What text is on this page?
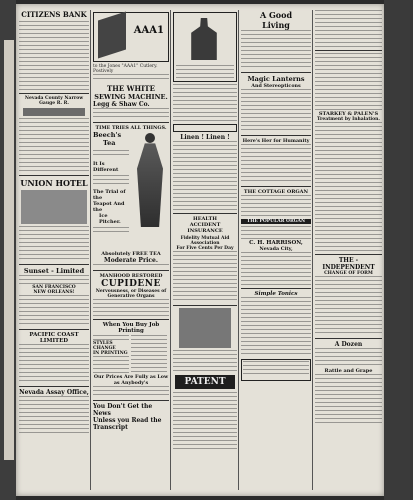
CITIZENS BANK
Nevada County Narrow Gauge R. R.
UNION HOTEL
Sunset - Limited
SAN FRANCISCO
NEW ORLEANS!
PACIFIC COAST LIMITED
Nevada Assay Office,
AAA1
to the Jones "AAA1" Cutlery. Postively
THE WHITE
SEWING MACHINE.
Legg & Shaw Co.
TIME TRIES ALL THINGS.
Beech's
Tea
It Is Different
The Trial of the
Teapot And the
Ice Pitcher.
Absolutely FREE TEA
Moderate Price.
MANHOOD RESTORED
CUPIDENE
Nervousness, or Diseases of Generative Organs
When You Buy Job Printing
STYLES CHANGE
IN PRINTING
Our Prices Are Fully as Low as Anybody's
You Don't Get the News
Unless you Read the Transcript
Linen ! Linen !
HEALTH
ACCIDENT
INSURANCE
Fidelity Mutual Aid Association
For Five Cents Per Day
PATENT
A Good
Living
Magic Lanterns
And Stereopticons
Here's Her for Humanity
THE COTTAGE ORGAN
THE POPULAR ORGAN
C. H. HARRISON,
Nevada City,
Simple Tonics
STARKEY & PALEN'S
Treatment by Inhalation.
THE - INDEPENDENT
CHANGE OF FORM
A Dozen
Rattle and Grape
